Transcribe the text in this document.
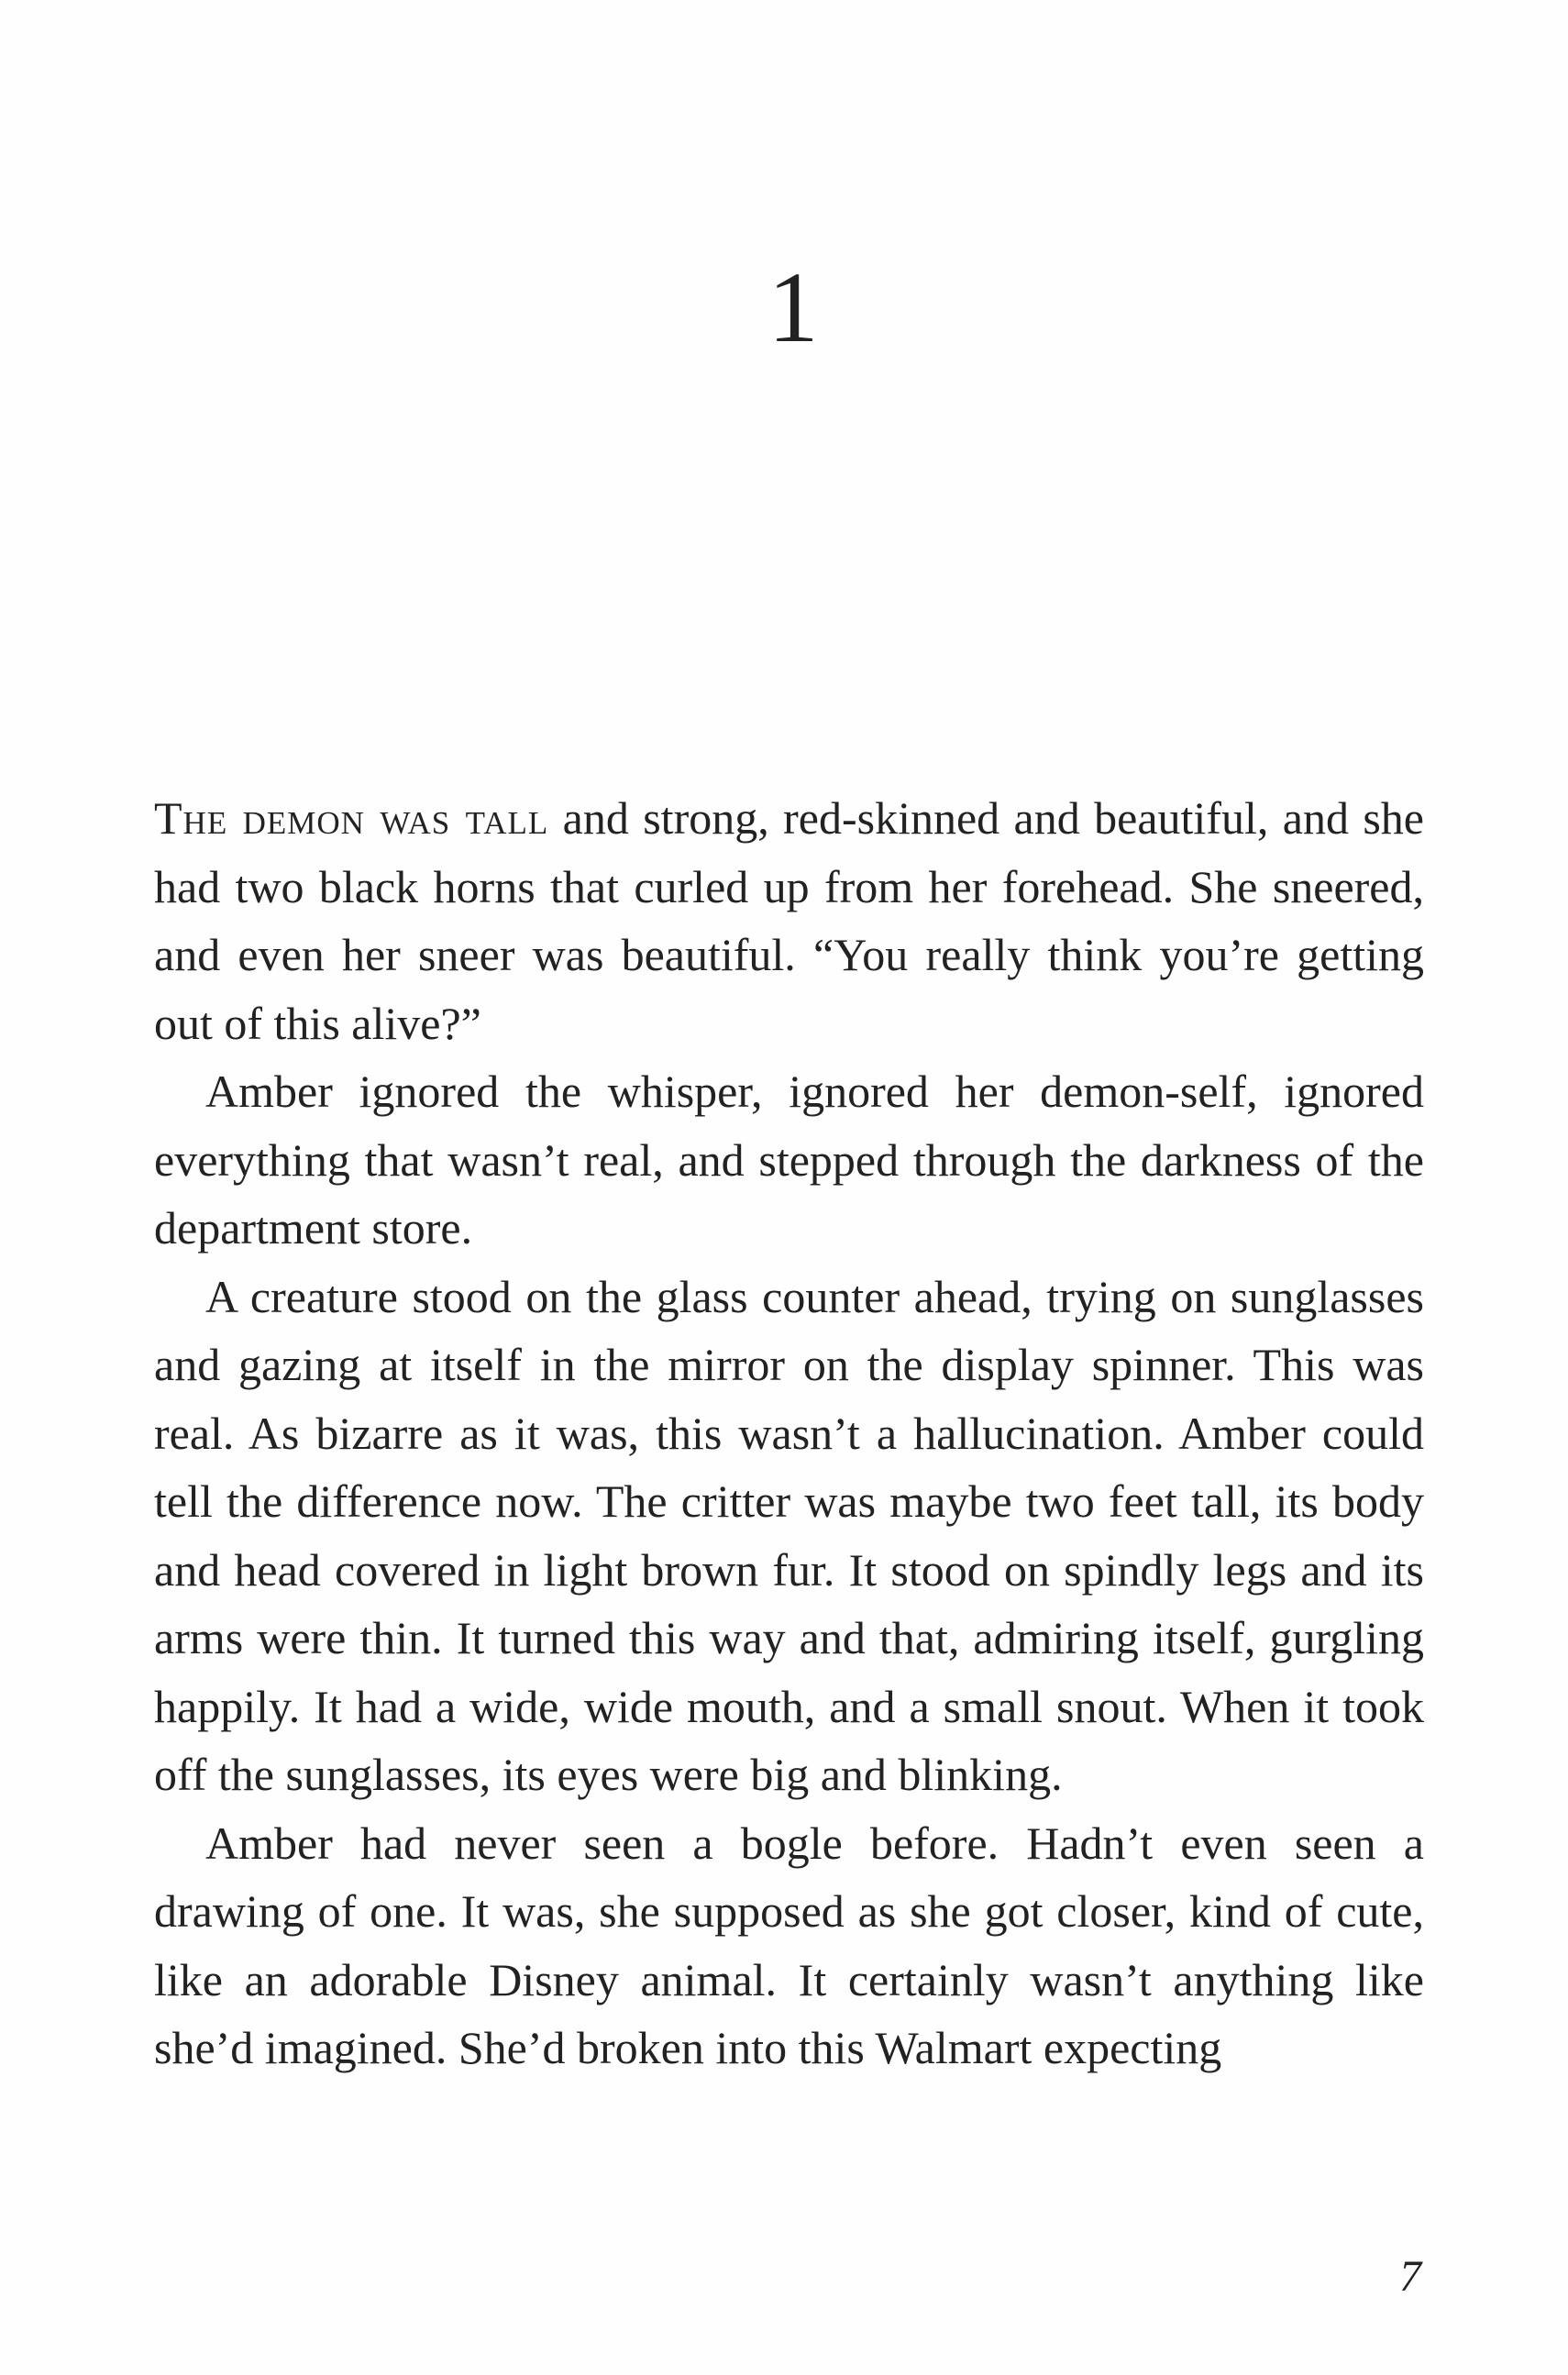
1

The demon was tall and strong, red-skinned and beautiful, and she had two black horns that curled up from her forehead. She sneered, and even her sneer was beautiful. “You really think you’re getting out of this alive?”

Amber ignored the whisper, ignored her demon-self, ignored everything that wasn’t real, and stepped through the darkness of the department store.

A creature stood on the glass counter ahead, trying on sunglasses and gazing at itself in the mirror on the display spinner. This was real. As bizarre as it was, this wasn’t a hallucination. Amber could tell the difference now. The critter was maybe two feet tall, its body and head covered in light brown fur. It stood on spindly legs and its arms were thin. It turned this way and that, admiring itself, gurgling happily. It had a wide, wide mouth, and a small snout. When it took off the sunglasses, its eyes were big and blinking.

Amber had never seen a bogle before. Hadn’t even seen a drawing of one. It was, she supposed as she got closer, kind of cute, like an adorable Disney animal. It certainly wasn’t anything like she’d imagined. She’d broken into this Walmart expecting

7
